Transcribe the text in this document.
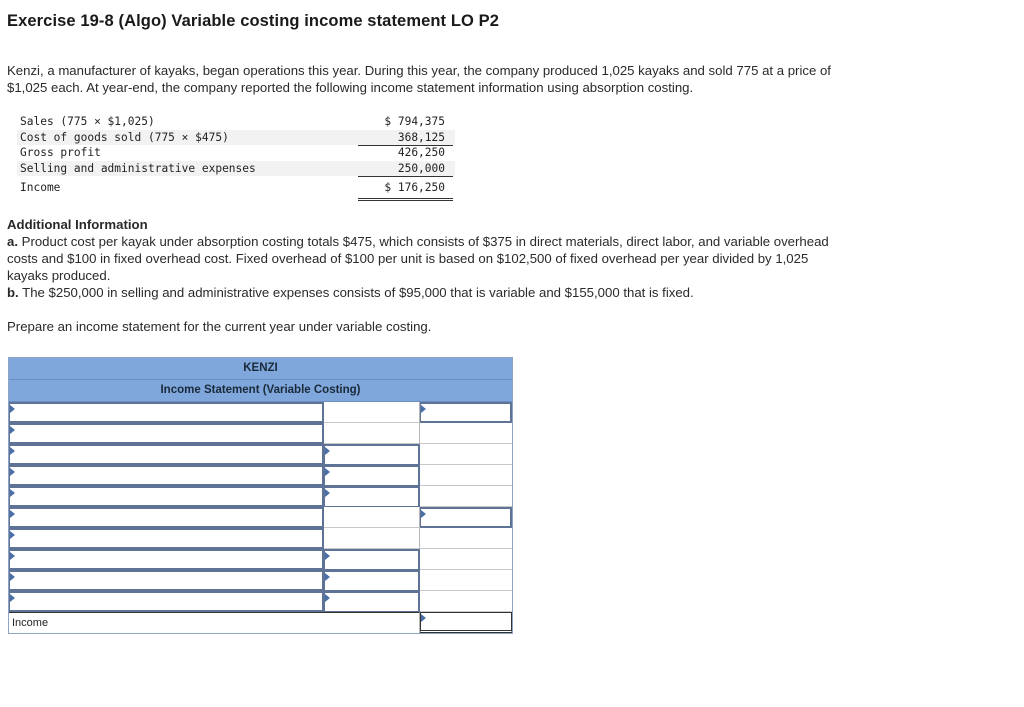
Exercise 19-8 (Algo) Variable costing income statement LO P2
Kenzi, a manufacturer of kayaks, began operations this year. During this year, the company produced 1,025 kayaks and sold 775 at a price of $1,025 each. At year-end, the company reported the following income statement information using absorption costing.
Sales (775 × $1,025)	$ 794,375
Cost of goods sold (775 × $475)	368,125
Gross profit	426,250
Selling and administrative expenses	250,000
Income	$ 176,250
Additional Information
a. Product cost per kayak under absorption costing totals $475, which consists of $375 in direct materials, direct labor, and variable overhead costs and $100 in fixed overhead cost. Fixed overhead of $100 per unit is based on $102,500 of fixed overhead per year divided by 1,025 kayaks produced.
b. The $250,000 in selling and administrative expenses consists of $95,000 that is variable and $155,000 that is fixed.
Prepare an income statement for the current year under variable costing.
KENZI
Income Statement (Variable Costing)
Income
